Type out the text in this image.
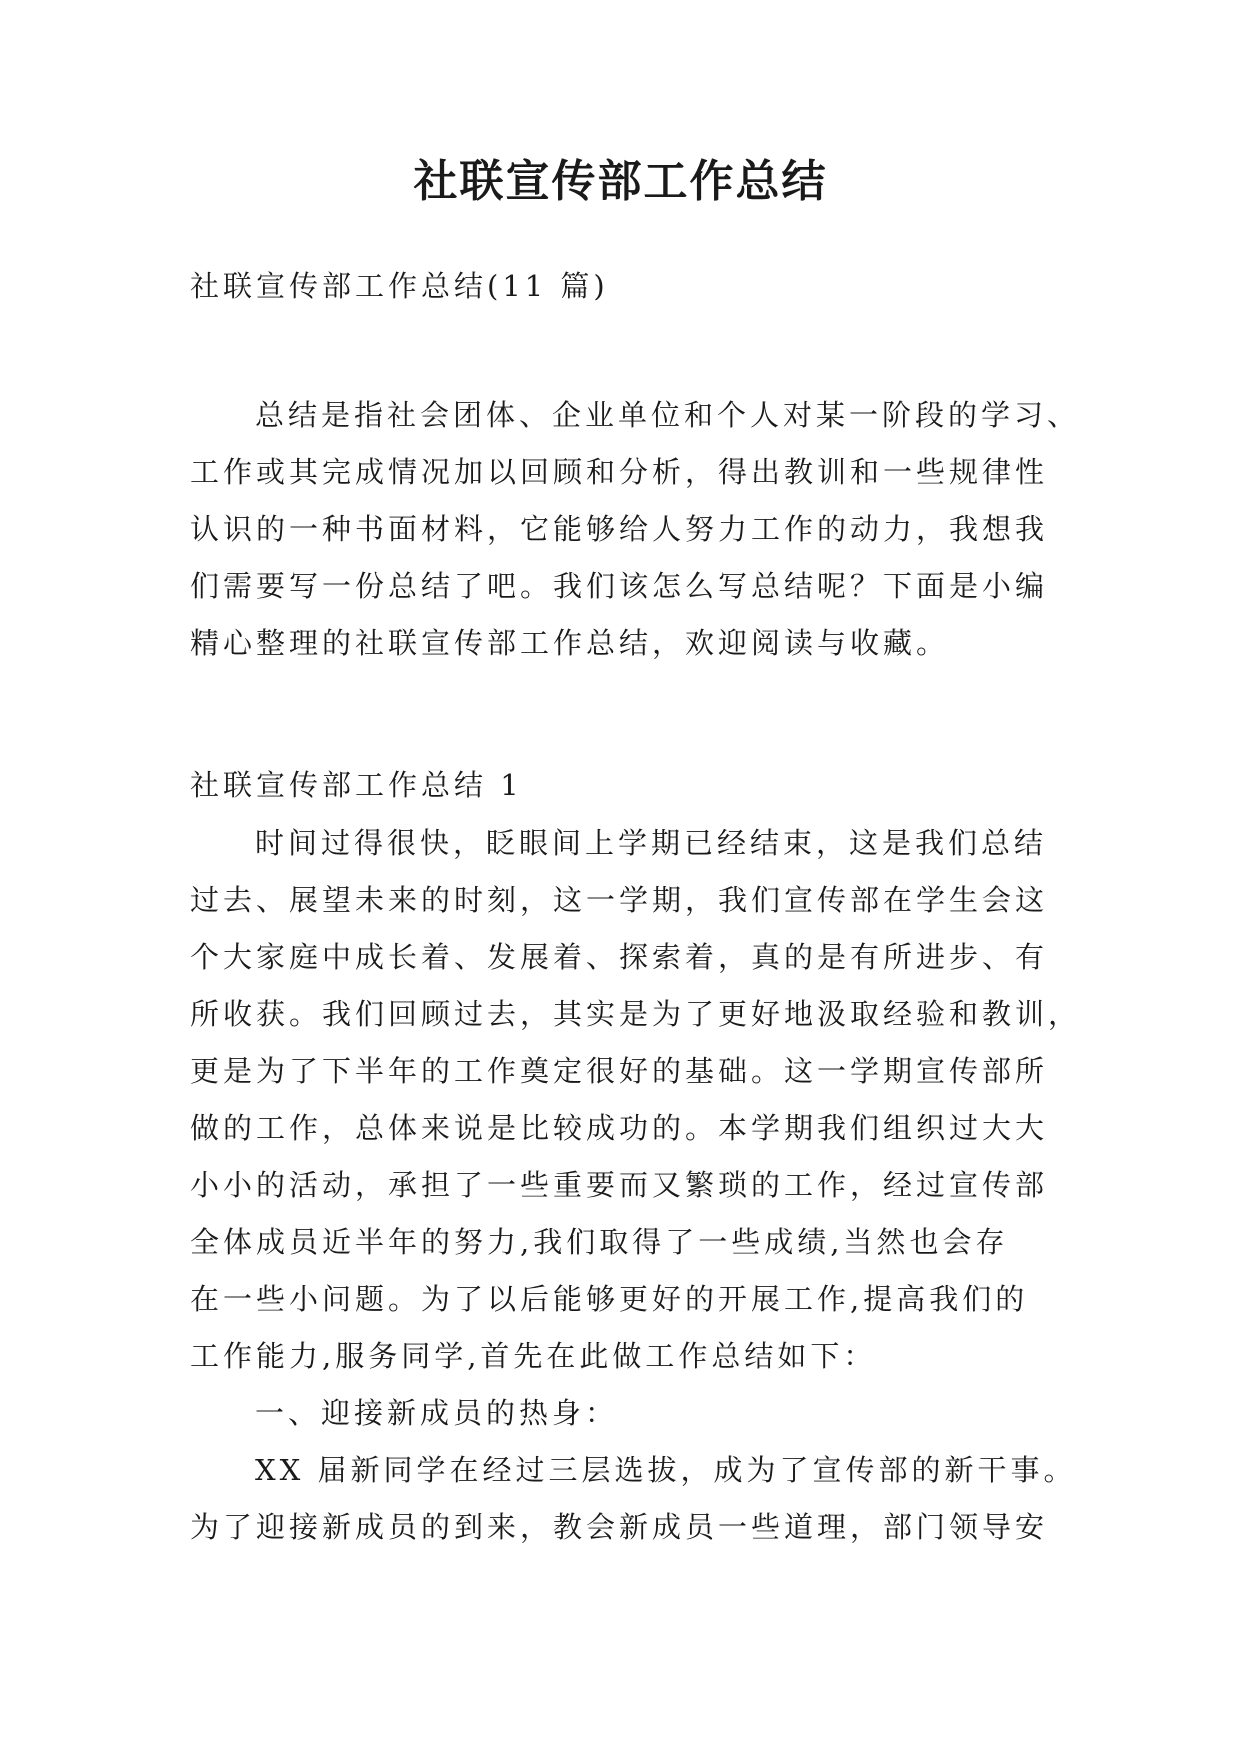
社联宣传部工作总结
社联宣传部工作总结(11 篇)
总结是指社会团体、企业单位和个人对某一阶段的学习、
工作或其完成情况加以回顾和分析，得出教训和一些规律性
认识的一种书面材料，它能够给人努力工作的动力，我想我
们需要写一份总结了吧。我们该怎么写总结呢？下面是小编
精心整理的社联宣传部工作总结，欢迎阅读与收藏。
社联宣传部工作总结 1
时间过得很快，眨眼间上学期已经结束，这是我们总结
过去、展望未来的时刻，这一学期，我们宣传部在学生会这
个大家庭中成长着、发展着、探索着，真的是有所进步、有
所收获。我们回顾过去，其实是为了更好地汲取经验和教训，
更是为了下半年的工作奠定很好的基础。这一学期宣传部所
做的工作，总体来说是比较成功的。本学期我们组织过大大
小小的活动，承担了一些重要而又繁琐的工作，经过宣传部
全体成员近半年的努力,我们取得了一些成绩,当然也会存
在一些小问题。为了以后能够更好的开展工作,提高我们的
工作能力,服务同学,首先在此做工作总结如下：
一、迎接新成员的热身：
XX 届新同学在经过三层选拔，成为了宣传部的新干事。
为了迎接新成员的到来，教会新成员一些道理，部门领导安
